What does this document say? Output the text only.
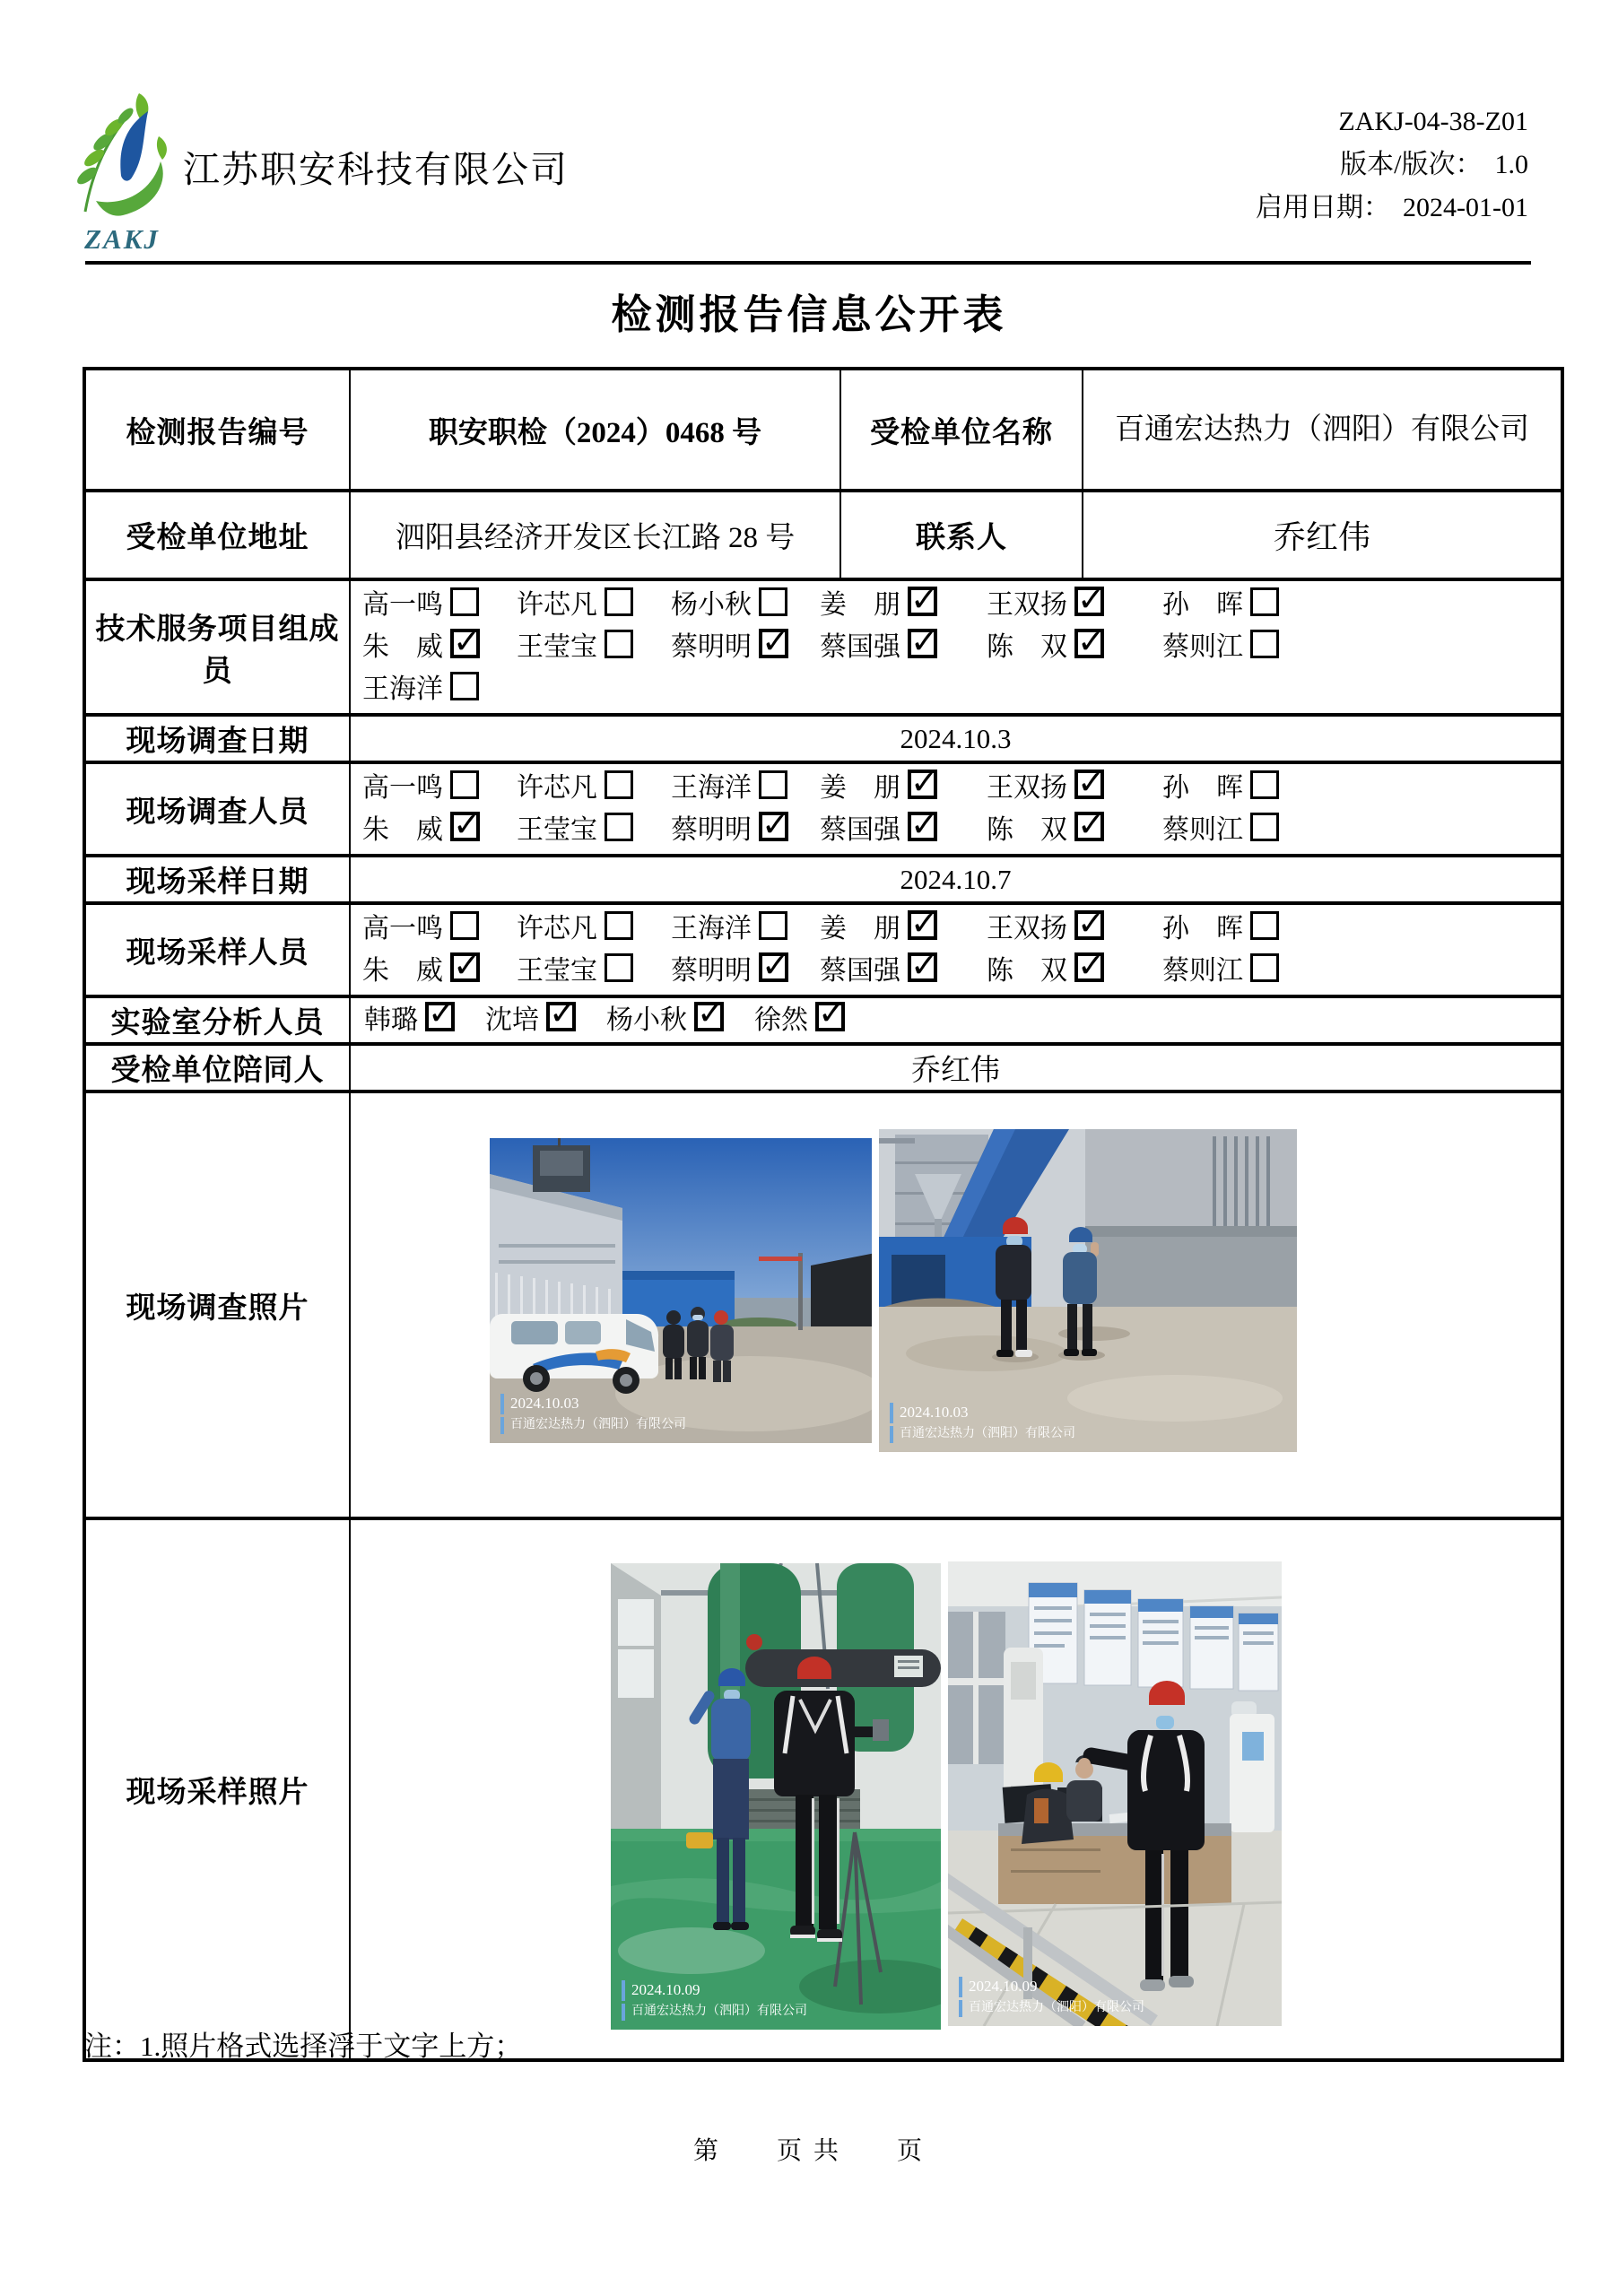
ZAKJ
江苏职安科技有限公司
ZAKJ-04-38-Z01
版本/版次： 1.0
启用日期： 2024-01-01
检测报告信息公开表
检测报告编号	职安职检（2024）0468 号	受检单位名称	百通宏达热力（泗阳）有限公司
受检单位地址	泗阳县经济开发区长江路 28 号	联系人	乔红伟
技术服务项目组成员	
高一鸣	许芯凡	杨小秋	姜　朋 ✓	王双扬 ✓	孙　晖
朱　威 ✓	王莹宝	蔡明明 ✓	蔡国强 ✓	陈　双 ✓	蔡则江
王海洋

现场调查日期	2024.10.3		
现场调查人员	
高一鸣	许芯凡	王海洋	姜　朋 ✓	王双扬 ✓	孙　晖
朱　威 ✓	王莹宝	蔡明明 ✓	蔡国强 ✓	陈　双 ✓	蔡则江

现场采样日期	2024.10.7		
现场采样人员	
高一鸣	许芯凡	王海洋	姜　朋 ✓	王双扬 ✓	孙　晖
朱　威 ✓	王莹宝	蔡明明 ✓	蔡国强 ✓	陈　双 ✓	蔡则江

实验室分析人员	韩璐 ✓ 沈培 ✓ 杨小秋 ✓ 徐然✓

受检单位陪同人	乔红伟		
现场调查照片	2024.10.03
百通宏达热力（泗阳）有限公司
2024.10.03
百通宏达热力（泗阳）有限公司		

现场采样照片	2024.10.09
百通宏达热力（泗阳）有限公司
2024.10.09
百通宏达热力（泗阳）有限公司		
注：1.照片格式选择浮于文字上方；
第　　页 共　　页
